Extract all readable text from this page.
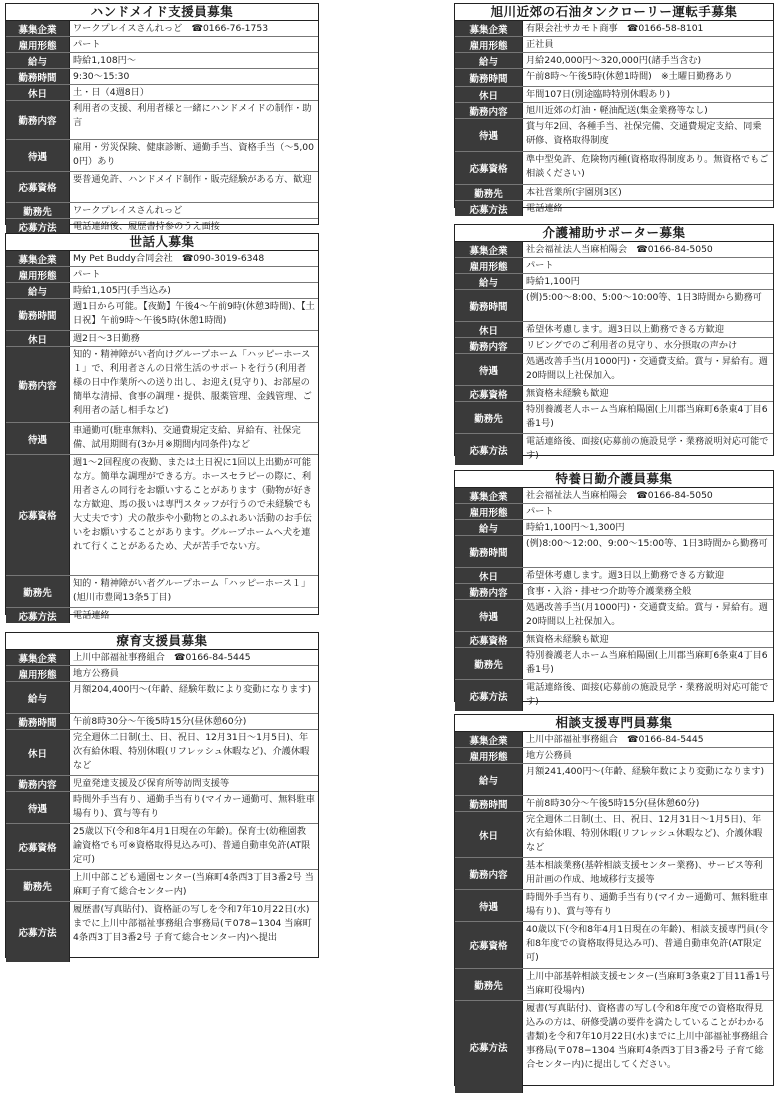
ハンドメイド支援員募集
募集企業	ワークプレイスさんれっど　☎0166-76-1753
雇用形態	パート
給与	時給1,108円〜
勤務時間	9:30〜15:30
休日	土・日（4週8日）
勤務内容
利用者の支援、利用者様と一緒にハンドメイドの制作・助言
待遇
雇用・労災保険、健康診断、通勤手当、資格手当（〜5,000円）あり
応募資格
要普通免許、ハンドメイド制作・販売経験がある方、歓迎
勤務先	ワークプレイスさんれっど
応募方法	電話連絡後、履歴書持参のうえ面接
世話人募集
募集企業	My Pet Buddy合同会社　☎090-3019-6348
雇用形態	パート
給与	時給1,105円(手当込み)
勤務時間
週1日から可能。【夜勤】午後4〜午前9時(休憩3時間)、【土日祝】午前9時〜午後5時(休憩1時間)
休日	週2日〜3日勤務
勤務内容
知的・精神障がい者向けグループホーム「ハッピーホース１」で、利用者さんの日常生活のサポートを行う(利用者様の日中作業所への送り出し、お迎え(見守り)、お部屋の簡単な清掃、食事の調理・提供、服薬管理、金銭管理、ご利用者の話し相手など)
待遇
車通勤可(駐車無料)、交通費規定支給、昇給有、社保完備、試用期間有(3か月※期間内同条件)など
応募資格
週1〜2回程度の夜勤、または土日祝に1回以上出勤が可能な方。簡単な調理ができる方。ホースセラピーの際に、利用者さんの同行をお願いすることがあります（動物が好きな方歓迎、馬の扱いは専門スタッフが行うので未経験でも大丈夫です）犬の散歩や小動物とのふれあい活動のお手伝いをお願いすることがあります。グループホームへ犬を連れて行くことがあるため、犬が苦手でない方。
勤務先
知的・精神障がい者グループホーム「ハッピーホース１」(旭川市豊岡13条5丁目)
応募方法	電話連絡
療育支援員募集
募集企業	上川中部福祉事務組合　☎0166-84-5445
雇用形態	地方公務員
給与
月額204,400円〜(年齢、経験年数により変動になります)
勤務時間	午前8時30分〜午後5時15分(昼休憩60分)
休日
完全週休二日制(土、日、祝日、12月31日〜1月5日)、年次有給休暇、特別休暇(リフレッシュ休暇など)、介護休暇など
勤務内容	児童発達支援及び保育所等訪問支援等
待遇
時間外手当有り、通勤手当有り(マイカー通勤可、無料駐車場有り)、賞与等有り
応募資格
25歳以下(令和8年4月1日現在の年齢)。保育士(幼稚園教諭資格でも可※資格取得見込み可)、普通自動車免許(AT限定可)
勤務先
上川中部こども通園センター(当麻町4条西3丁目3番2号 当麻町子育て総合センター内)
応募方法
履歴書(写真貼付)、資格証の写しを令和7年10月22日(水)までに上川中部福祉事務組合事務局(〒078−1304 当麻町4条西3丁目3番2号 子育て総合センター内)へ提出
旭川近郊の石油タンクローリー運転手募集
募集企業	有限会社サカモト商事　☎0166-58-8101
雇用形態	正社員
給与	月給240,000円〜320,000円(諸手当含む)
勤務時間	午前8時〜午後5時(休憩1時間)　※土曜日勤務あり
休日	年間107日(別途臨時特別休暇あり)
勤務内容	旭川近郊の灯油・軽油配送(集金業務等なし)
待遇
賞与年2回、各種手当、社保完備、交通費規定支給、同乗研修、資格取得制度
応募資格
準中型免許、危険物丙種(資格取得制度あり。無資格でもご相談ください)
勤務先	本社営業所(宇園別3区)
応募方法	電話連絡
介護補助サポーター募集
募集企業	社会福祉法人当麻柏陽会　☎0166-84-5050
雇用形態	パート
給与	時給1,100円
勤務時間
(例)5:00〜8:00、5:00〜10:00等、1日3時間から勤務可
休日	希望休考慮します。週3日以上勤務できる方歓迎
勤務内容	リビングでのご利用者の見守り、水分摂取の声かけ
待遇
処遇改善手当(月1000円)・交通費支給。賞与・昇給有。週20時間以上社保加入。
応募資格	無資格未経験も歓迎
勤務先
特別養護老人ホーム当麻柏陽園(上川郡当麻町6条東4丁目6番1号)
応募方法
電話連絡後、面接(応募前の施設見学・業務説明対応可能です)
特養日勤介護員募集
募集企業	社会福祉法人当麻柏陽会　☎0166-84-5050
雇用形態	パート
給与	時給1,100円〜1,300円
勤務時間
(例)8:00〜12:00、9:00〜15:00等、1日3時間から勤務可
休日	希望休考慮します。週3日以上勤務できる方歓迎
勤務内容	食事・入浴・排せつ介助等介護業務全般
待遇
処遇改善手当(月1000円)・交通費支給。賞与・昇給有。週20時間以上社保加入。
応募資格	無資格未経験も歓迎
勤務先
特別養護老人ホーム当麻柏陽園(上川郡当麻町6条東4丁目6番1号)
応募方法
電話連絡後、面接(応募前の施設見学・業務説明対応可能です)
相談支援専門員募集
募集企業	上川中部福祉事務組合　☎0166-84-5445
雇用形態	地方公務員
給与
月額241,400円〜(年齢、経験年数により変動になります)
勤務時間	午前8時30分〜午後5時15分(昼休憩60分)
休日
完全週休二日制(土、日、祝日、12月31日〜1月5日)、年次有給休暇、特別休暇(リフレッシュ休暇など)、介護休暇など
勤務内容
基本相談業務(基幹相談支援センター業務)、サービス等利用計画の作成、地域移行支援等
待遇
時間外手当有り、通勤手当有り(マイカー通勤可、無料駐車場有り)、賞与等有り
応募資格
40歳以下(令和8年4月1日現在の年齢)、相談支援専門員(令和8年度での資格取得見込み可)、普通自動車免許(AT限定可)
勤務先
上川中部基幹相談支援センター(当麻町3条東2丁目11番1号 当麻町役場内)
応募方法
履書(写真貼付)、資格書の写し(令和8年度での資格取得見込みの方は、研修受講の要件を満たしていることがわかる書類)を令和7年10月22日(水)までに上川中部福祉事務組合事務局(〒078−1304 当麻町4条西3丁目3番2号 子育て総合センター内)に提出してください。
